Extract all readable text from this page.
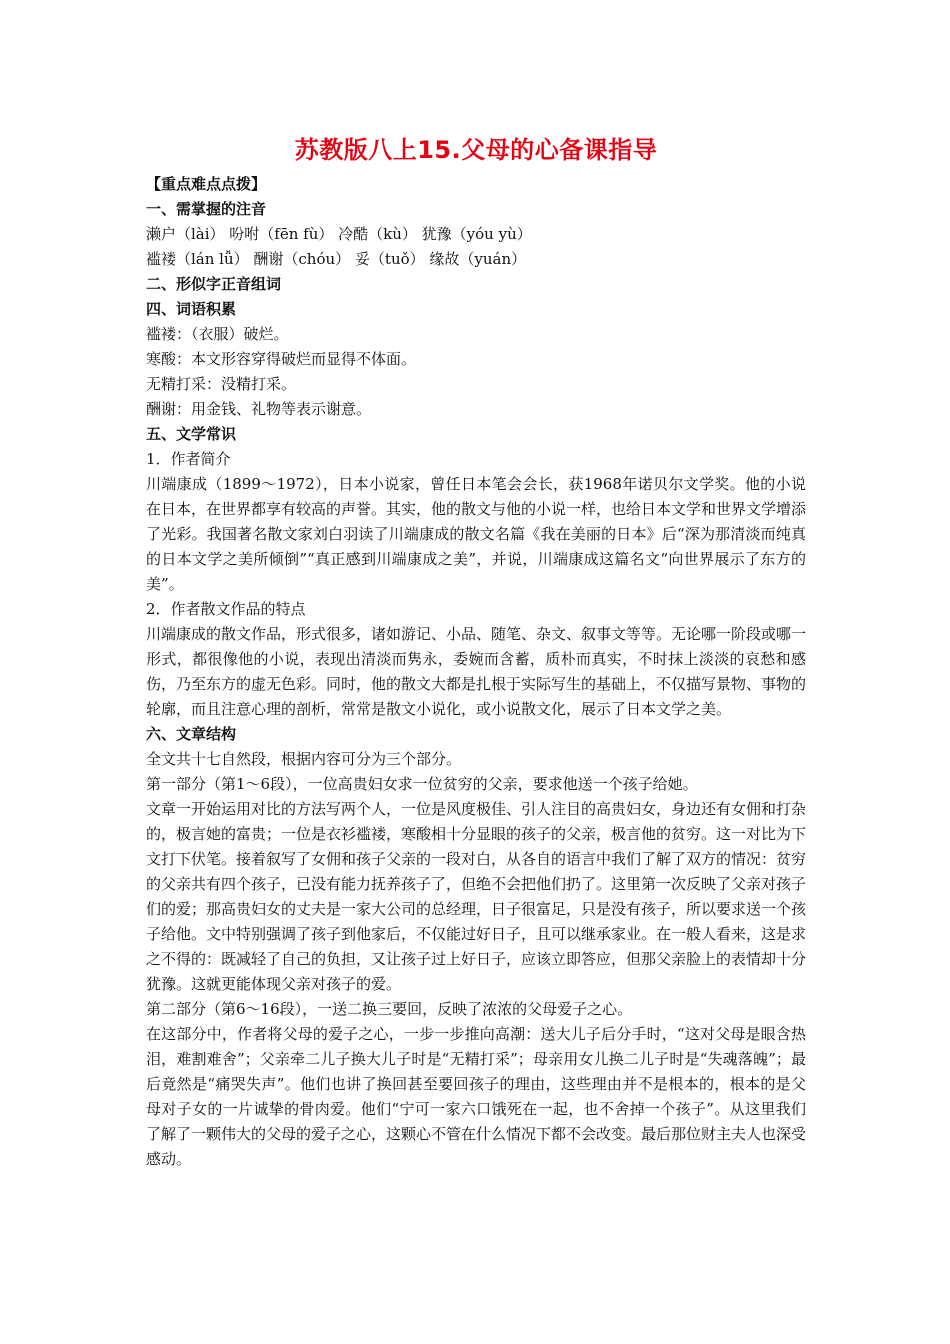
苏教版八上15.父母的心备课指导
【重点难点点拨】
一、需掌握的注音
濑户（lài） 吩咐（fēn fù） 冷酷（kù） 犹豫（yóu yù）
褴褛（lán lǚ） 酬谢（chóu） 妥（tuǒ） 缘故（yuán）
二、形似字正音组词
四、词语积累
褴褛：（衣服）破烂。
寒酸：本文形容穿得破烂而显得不体面。
无精打采：没精打采。
酬谢：用金钱、礼物等表示谢意。
五、文学常识
1．作者简介
川端康成（1899～1972），日本小说家，曾任日本笔会会长，获1968年诺贝尔文学奖。他的小说在日本，在世界都享有较高的声誉。其实，他的散文与他的小说一样，也给日本文学和世界文学增添了光彩。我国著名散文家刘白羽读了川端康成的散文名篇《我在美丽的日本》后“深为那清淡而纯真的日本文学之美所倾倒”“真正感到川端康成之美”，并说，川端康成这篇名文“向世界展示了东方的美”。
2．作者散文作品的特点
川端康成的散文作品，形式很多，诸如游记、小品、随笔、杂文、叙事文等等。无论哪一阶段或哪一形式，都很像他的小说，表现出清淡而隽永，委婉而含蓄，质朴而真实，不时抹上淡淡的哀愁和感伤，乃至东方的虚无色彩。同时，他的散文大都是扎根于实际写生的基础上，不仅描写景物、事物的轮廓，而且注意心理的剖析，常常是散文小说化，或小说散文化，展示了日本文学之美。
六、文章结构
全文共十七自然段，根据内容可分为三个部分。
第一部分（第1～6段），一位高贵妇女求一位贫穷的父亲，要求他送一个孩子给她。
文章一开始运用对比的方法写两个人，一位是风度极佳、引人注目的高贵妇女，身边还有女佣和打杂的，极言她的富贵；一位是衣衫褴褛，寒酸相十分显眼的孩子的父亲，极言他的贫穷。这一对比为下文打下伏笔。接着叙写了女佣和孩子父亲的一段对白，从各自的语言中我们了解了双方的情况：贫穷的父亲共有四个孩子，已没有能力抚养孩子了，但绝不会把他们扔了。这里第一次反映了父亲对孩子们的爱；那高贵妇女的丈夫是一家大公司的总经理，日子很富足，只是没有孩子，所以要求送一个孩子给他。文中特别强调了孩子到他家后，不仅能过好日子，且可以继承家业。在一般人看来，这是求之不得的：既减轻了自己的负担，又让孩子过上好日子，应该立即答应，但那父亲脸上的表情却十分犹豫。这就更能体现父亲对孩子的爱。
第二部分（第6～16段），一送二换三要回，反映了浓浓的父母爱子之心。
在这部分中，作者将父母的爱子之心，一步一步推向高潮：送大儿子后分手时，“这对父母是眼含热泪，难割难舍”；父亲牵二儿子换大儿子时是“无精打采”；母亲用女儿换二儿子时是“失魂落魄”；最后竟然是“痛哭失声”。他们也讲了换回甚至要回孩子的理由，这些理由并不是根本的，根本的是父母对子女的一片诚挚的骨肉爱。他们“宁可一家六口饿死在一起，也不舍掉一个孩子”。从这里我们了解了一颗伟大的父母的爱子之心，这颗心不管在什么情况下都不会改变。最后那位财主夫人也深受感动。
